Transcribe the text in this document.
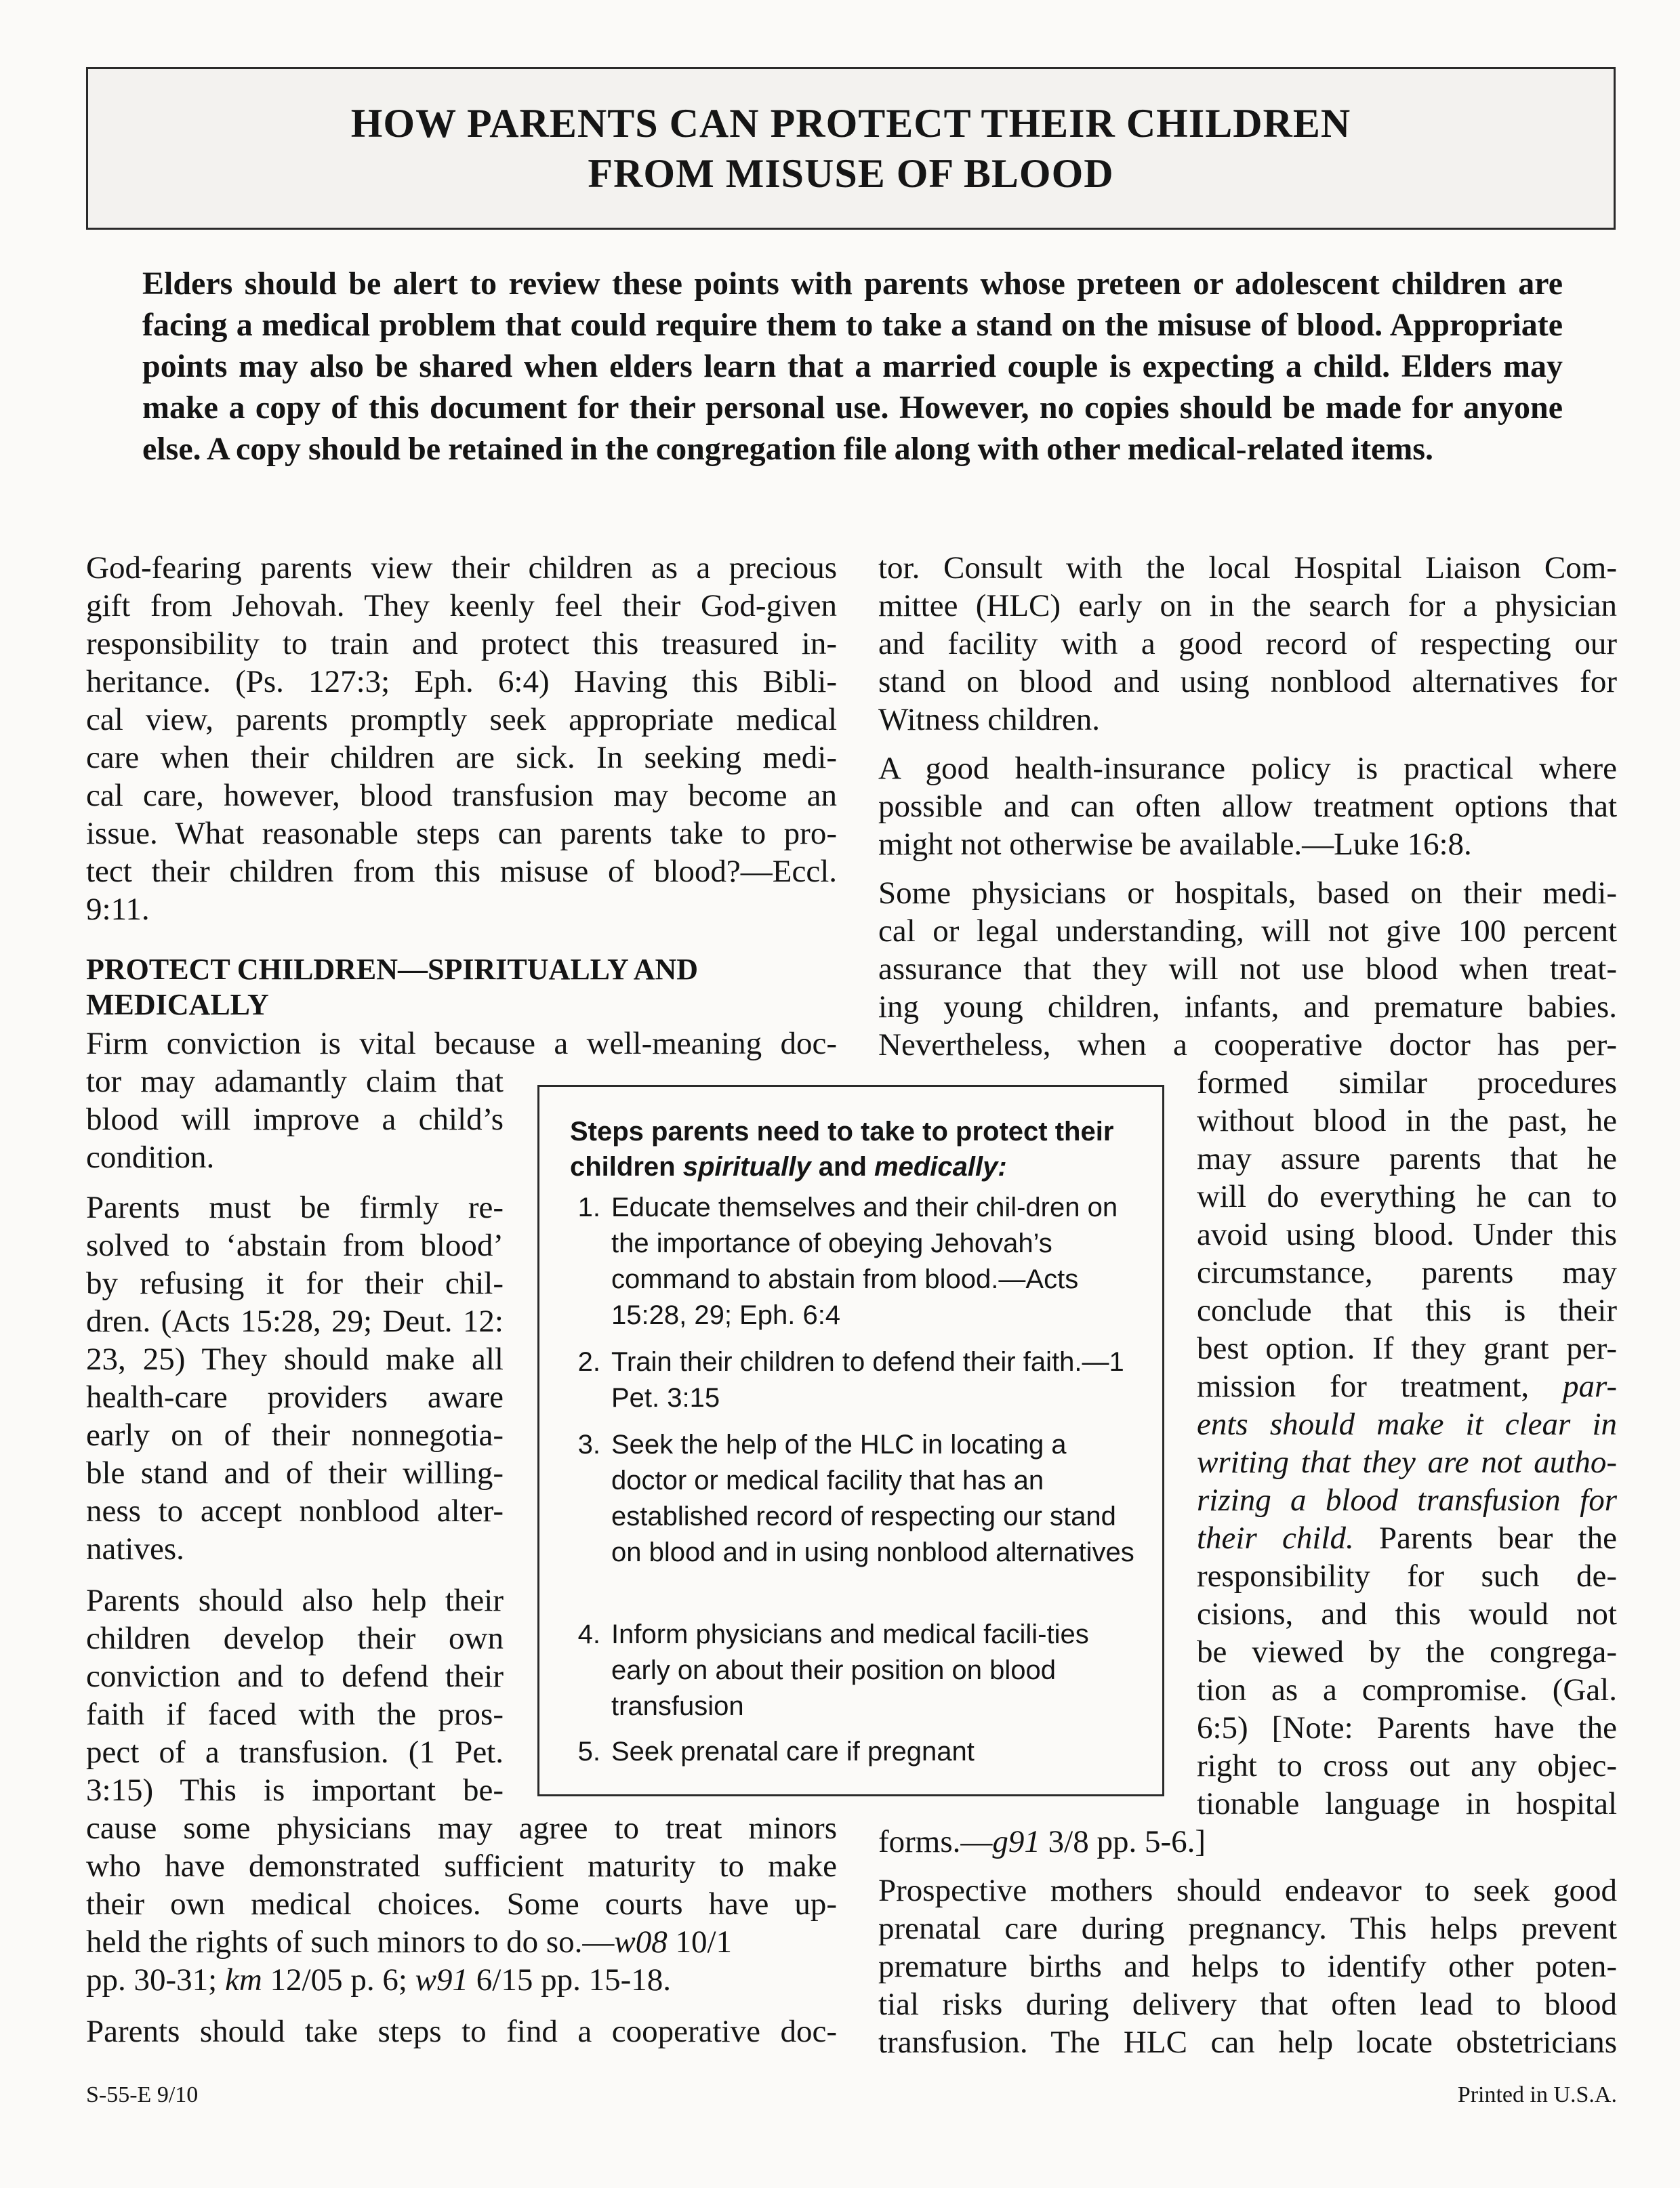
HOW PARENTS CAN PROTECT THEIR CHILDREN
FROM MISUSE OF BLOOD
Elders should be alert to review these points with parents whose preteen or adolescent children are facing a medical problem that could require them to take a stand on the misuse of blood. Appropriate points may also be shared when elders learn that a married couple is expecting a child. Elders may make a copy of this document for their personal use. However, no copies should be made for anyone else. A copy should be retained in the congregation file along with other medical-related items.
God-fearing parents view their children as a precious
gift from Jehovah. They keenly feel their God-given
responsibility to train and protect this treasured in-
heritance. (Ps. 127:3; Eph. 6:4) Having this Bibli-
cal view, parents promptly seek appropriate medical
care when their children are sick. In seeking medi-
cal care, however, blood transfusion may become an
issue. What reasonable steps can parents take to pro-
tect their children from this misuse of blood?—Eccl.
9:11.
PROTECT CHILDREN—SPIRITUALLY AND
MEDICALLY
Firm conviction is vital because a well-meaning doc-
tor may adamantly claim that
blood will improve a child’s
condition.
Parents must be firmly re-
solved to ‘abstain from blood’
by refusing it for their chil-
dren. (Acts 15:28, 29; Deut. 12:
23, 25) They should make all
health-care providers aware
early on of their nonnegotia-
ble stand and of their willing-
ness to accept nonblood alter-
natives.
Parents should also help their
children develop their own
conviction and to defend their
faith if faced with the pros-
pect of a transfusion. (1 Pet.
3:15) This is important be-
cause some physicians may agree to treat minors
who have demonstrated sufficient maturity to make
their own medical choices. Some courts have up-
held the rights of such minors to do so.—w08 10/1
pp. 30-31; km 12/05 p. 6; w91 6/15 pp. 15-18.
Parents should take steps to find a cooperative doc-
tor. Consult with the local Hospital Liaison Com-
mittee (HLC) early on in the search for a physician
and facility with a good record of respecting our
stand on blood and using nonblood alternatives for
Witness children.
A good health-insurance policy is practical where
possible and can often allow treatment options that
might not otherwise be available.—Luke 16:8.
Some physicians or hospitals, based on their medi-
cal or legal understanding, will not give 100 percent
assurance that they will not use blood when treat-
ing young children, infants, and premature babies.
Nevertheless, when a cooperative doctor has per-
formed similar procedures
without blood in the past, he
may assure parents that he
will do everything he can to
avoid using blood. Under this
circumstance, parents may
conclude that this is their
best option. If they grant per-
mission for treatment, par-
ents should make it clear in
writing that they are not autho-
rizing a blood transfusion for
their child. Parents bear the
responsibility for such de-
cisions, and this would not
be viewed by the congrega-
tion as a compromise. (Gal.
6:5) [Note: Parents have the
right to cross out any objec-
tionable language in hospital
forms.—g91 3/8 pp. 5-6.]
Prospective mothers should endeavor to seek good
prenatal care during pregnancy. This helps prevent
premature births and helps to identify other poten-
tial risks during delivery that often lead to blood
transfusion. The HLC can help locate obstetricians
Steps parents need to take to protect their children spiritually and medically:
1. Educate themselves and their chil-dren on the importance of obeying Jehovah’s command to abstain from blood.—Acts 15:28, 29; Eph. 6:4
2. Train their children to defend their faith.—1 Pet. 3:15
3. Seek the help of the HLC in locating a doctor or medical facility that has an established record of respecting our stand on blood and in using nonblood alternatives
4. Inform physicians and medical facili-ties early on about their position on blood transfusion
5. Seek prenatal care if pregnant
S-55-E 9/10	Printed in U.S.A.
